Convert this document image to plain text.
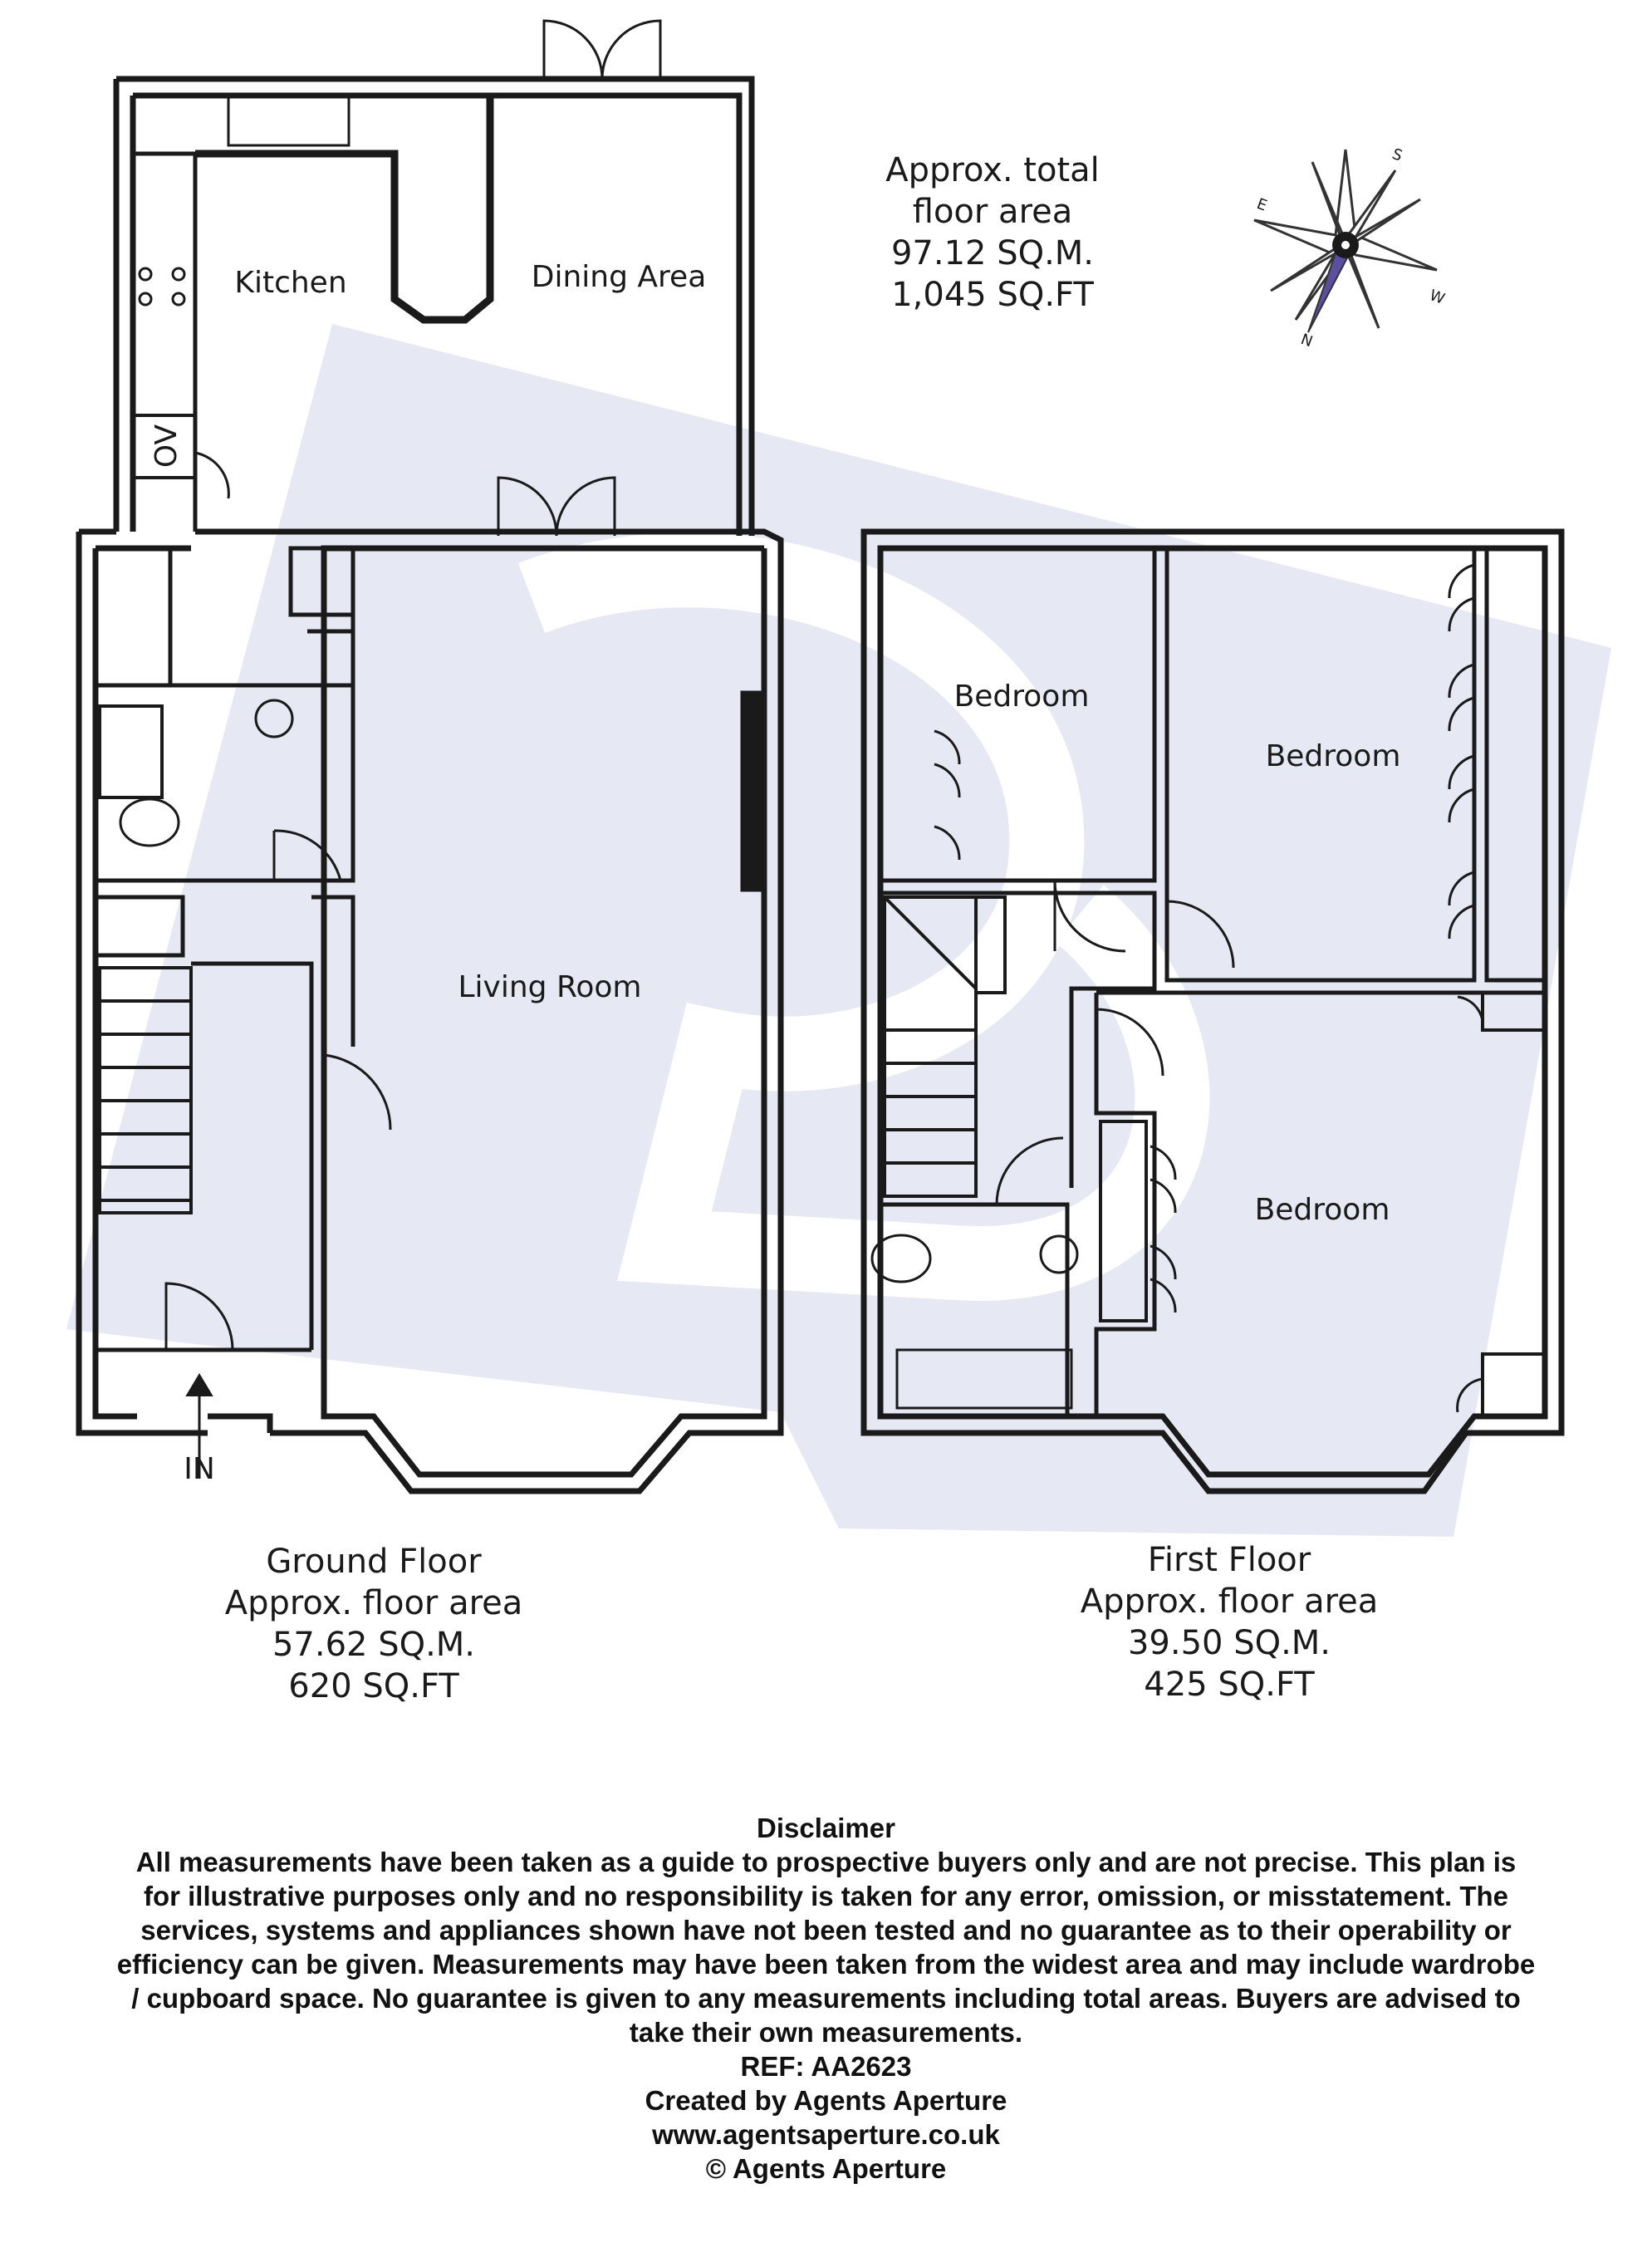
OV
S
E
W
N
Kitchen	Dining Area
Living Room
IN
Bedroom
Bedroom
Bedroom
Approx. total
floor area
97.12 SQ.M.
1,045 SQ.FT
Ground Floor
Approx. floor area
57.62 SQ.M.
620 SQ.FT
First Floor
Approx. floor area
39.50 SQ.M.
425 SQ.FT
Disclaimer
All measurements have been taken as a guide to prospective buyers only and are not precise. This plan is
for illustrative purposes only and no responsibility is taken for any error, omission, or misstatement. The
services, systems and appliances shown have not been tested and no guarantee as to their operability or
efficiency can be given. Measurements may have been taken from the widest area and may include wardrobe
/ cupboard space. No guarantee is given to any measurements including total areas. Buyers are advised to
take their own measurements.
REF: AA2623
Created by Agents Aperture
www.agentsaperture.co.uk
© Agents Aperture
